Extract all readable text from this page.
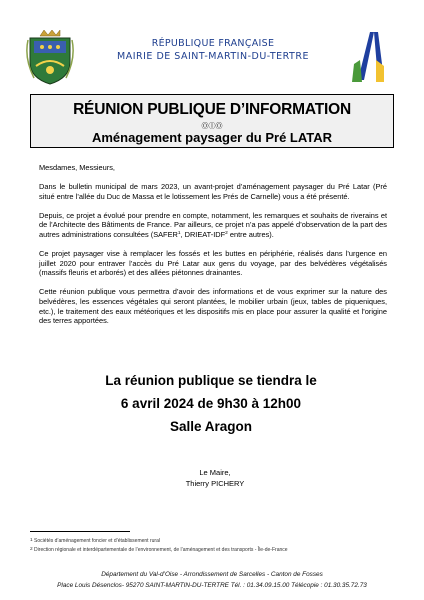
RÉPUBLIQUE FRANÇAISE
MAIRIE DE SAINT-MARTIN-DU-TERTRE
RÉUNION PUBLIQUE D’INFORMATION
ⓄⒾⓄ
Aménagement paysager du Pré LATAR

Mesdames, Messieurs,

Dans le bulletin municipal de mars 2023, un avant-projet d’aménagement paysager du Pré Latar (Pré situé entre l’allée du Duc de Massa et le lotissement les Prés de Carnelle) vous a été présenté.

Depuis, ce projet a évolué pour prendre en compte, notamment, les remarques et souhaits de riverains et de l’Architecte des Bâtiments de France. Par ailleurs, ce projet n’a pas appelé d’observation de la part des autres administrations consultées (SAFER$^1$, DRIEAT-IDF$^2$ entre autres).

Ce projet paysager vise à remplacer les fossés et les buttes en périphérie, réalisés dans l’urgence en juillet 2020 pour entraver l’accès du Pré Latar aux gens du voyage, par des belvédères végétalisés (massifs fleuris et arborés) et des allées piétonnes drainantes.

Cette réunion publique vous permettra d’avoir des informations et de vous exprimer sur la nature des belvédères, les essences végétales qui seront plantées, le mobilier urbain (jeux, tables de piqueniques, etc.), le traitement des eaux météoriques et les dispositifs mis en place pour assurer la qualité et l’origine des terres apportées.

La réunion publique se tiendra le
6 avril 2024 de 9h30 à 12h00
Salle Aragon
Le Maire,
Thierry PICHERY
$^1$ Sociétés d’aménagement foncier et d’établissement rural
$^2$ Direction régionale et interdépartementale de l’environnement, de l’aménagement et des transports - Île-de-France
Département du Val-d’Oise - Arrondissement de Sarcelles - Canton de Fosses
Place Louis Désenclos- 95270 SAINT-MARTIN-DU-TERTRE Tél. : 01.34.09.15.00 Télécopie : 01.30.35.72.73
